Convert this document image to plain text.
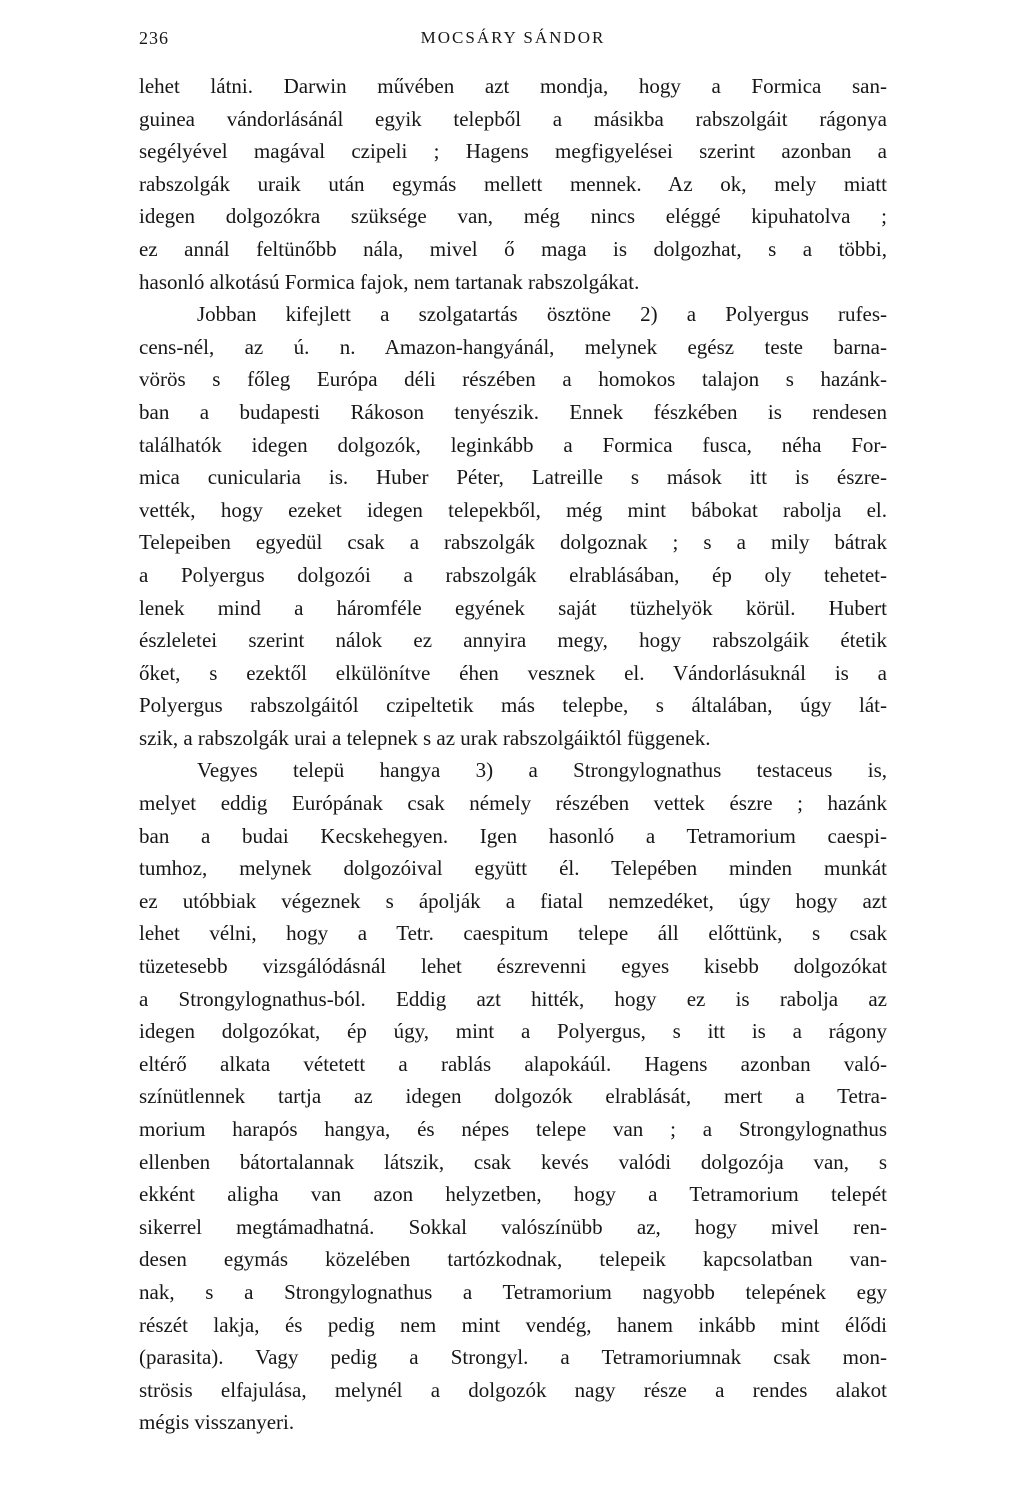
236	MOCSÁRY SÁNDOR
lehet látni. Darwin művében azt mondja, hogy a Formica san-
guinea vándorlásánál egyik telepből a másikba rabszolgáit rágonya
segélyével magával czipeli ; Hagens megfigyelései szerint azonban a
rabszolgák uraik után egymás mellett mennek. Az ok, mely miatt
idegen dolgozókra szüksége van, még nincs eléggé kipuhatolva ;
ez annál feltünőbb nála, mivel ő maga is dolgozhat, s a többi,
hasonló alkotású Formica fajok, nem tartanak rabszolgákat.
Jobban kifejlett a szolgatartás ösztöne 2) a Polyergus rufes-
cens-nél, az ú. n. Amazon-hangyánál, melynek egész teste barna-
vörös s főleg Európa déli részében a homokos talajon s hazánk-
ban a budapesti Rákoson tenyészik. Ennek fészkében is rendesen
találhatók idegen dolgozók, leginkább a Formica fusca, néha For-
mica cunicularia is. Huber Péter, Latreille s mások itt is észre-
vették, hogy ezeket idegen telepekből, még mint bábokat rabolja el.
Telepeiben egyedül csak a rabszolgák dolgoznak ; s a mily bátrak
a Polyergus dolgozói a rabszolgák elrablásában, ép oly tehetet-
lenek mind a háromféle egyének saját tüzhelyök körül. Hubert
észleletei szerint nálok ez annyira megy, hogy rabszolgáik étetik
őket, s ezektől elkülönítve éhen vesznek el. Vándorlásuknál is a
Polyergus rabszolgáitól czipeltetik más telepbe, s általában, úgy lát-
szik, a rabszolgák urai a telepnek s az urak rabszolgáiktól függenek.
Vegyes telepü hangya 3) a Strongylognathus testaceus is,
melyet eddig Európának csak némely részében vettek észre ; hazánk
ban a budai Kecskehegyen. Igen hasonló a Tetramorium caespi-
tumhoz, melynek dolgozóival együtt él. Telepében minden munkát
ez utóbbiak végeznek s ápolják a fiatal nemzedéket, úgy hogy azt
lehet vélni, hogy a Tetr. caespitum telepe áll előttünk, s csak
tüzetesebb vizsgálódásnál lehet észrevenni egyes kisebb dolgozókat
a Strongylognathus-ból. Eddig azt hitték, hogy ez is rabolja az
idegen dolgozókat, ép úgy, mint a Polyergus, s itt is a rágony
eltérő alkata vétetett a rablás alapokáúl. Hagens azonban való-
színütlennek tartja az idegen dolgozók elrablását, mert a Tetra-
morium harapós hangya, és népes telepe van ; a Strongylognathus
ellenben bátortalannak látszik, csak kevés valódi dolgozója van, s
ekként aligha van azon helyzetben, hogy a Tetramorium telepét
sikerrel megtámadhatná. Sokkal valószínübb az, hogy mivel ren-
desen egymás közelében tartózkodnak, telepeik kapcsolatban van-
nak, s a Strongylognathus a Tetramorium nagyobb telepének egy
részét lakja, és pedig nem mint vendég, hanem inkább mint élődi
(parasita). Vagy pedig a Strongyl. a Tetramoriumnak csak mon-
strösis elfajulása, melynél a dolgozók nagy része a rendes alakot
mégis visszanyeri.
